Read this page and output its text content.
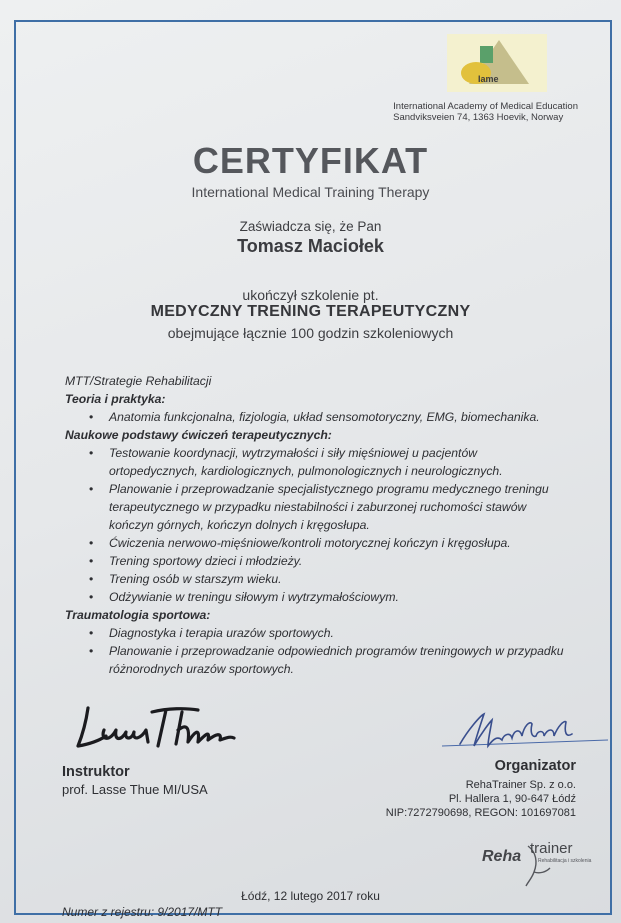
Iame
International Academy of Medical Education
Sandviksveien 74, 1363 Hoevik, Norway
CERTYFIKAT
International Medical Training Therapy
Zaświadcza się, że Pan
Tomasz Maciołek
ukończył szkolenie pt.
MEDYCZNY TRENING TERAPEUTYCZNY
obejmujące łącznie 100 godzin szkoleniowych
MTT/Strategie Rehabilitacji
Teoria i praktyka:
• Anatomia funkcjonalna, fizjologia, układ sensomotoryczny, EMG, biomechanika.
Naukowe podstawy ćwiczeń terapeutycznych:
• Testowanie koordynacji, wytrzymałości i siły mięśniowej u pacjentów ortopedycznych, kardiologicznych, pulmonologicznych i neurologicznych.
• Planowanie i przeprowadzanie specjalistycznego programu medycznego treningu terapeutycznego w przypadku niestabilności i zaburzonej ruchomości stawów kończyn górnych, kończyn dolnych i kręgosłupa.
• Ćwiczenia nerwowo-mięśniowe/kontroli motorycznej kończyn i kręgosłupa.
• Trening sportowy dzieci i młodzieży.
• Trening osób w starszym wieku.
• Odżywianie w treningu siłowym i wytrzymałościowym.
Traumatologia sportowa:
• Diagnostyka i terapia urazów sportowych.
• Planowanie i przeprowadzanie odpowiednich programów treningowych w przypadku różnorodnych urazów sportowych.
Instruktor
prof. Lasse Thue MI/USA
Organizator
RehaTrainer Sp. z o.o.
Pl. Hallera 1, 90-647 Łódź
NIP:7272790698, REGON: 101697081
Reha trainer
Rehabilitacja i szkolenia
Łódź, 12 lutego 2017 roku
Numer z rejestru: 9/2017/MTT
